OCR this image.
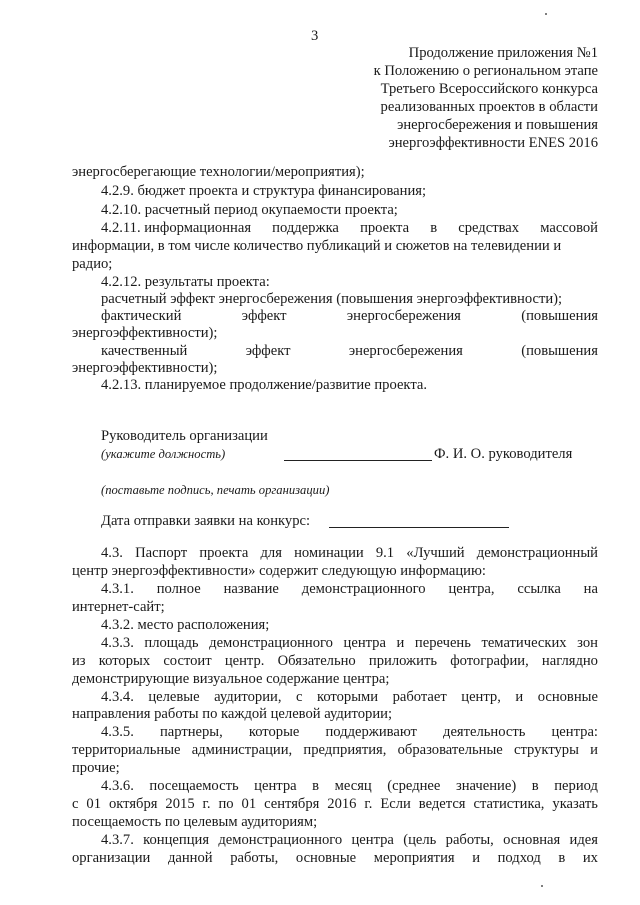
3
Продолжение приложения №1
к Положению о региональном этапе
Третьего Всероссийского конкурса
реализованных проектов в области
энергосбережения и повышения
энергоэффективности ENES 2016
энергосберегающие технологии/мероприятия);
4.2.9. бюджет проекта и структура финансирования;
4.2.10. расчетный период окупаемости проекта;
4.2.11. информационная поддержка проекта в средствах массовой
информации, в том числе количество публикаций и сюжетов на телевидении и
радио;
4.2.12. результаты проекта:
расчетный эффект энергосбережения (повышения энергоэффективности);
фактический	эффект	энергосбережения	(повышения
энергоэффективности);
качественный	эффект	энергосбережения	(повышения
энергоэффективности);
4.2.13. планируемое продолжение/развитие проекта.
Руководитель организации
(укажите должность)	Ф. И. О. руководителя
(поставьте подпись, печать организации)
Дата отправки заявки на конкурс:
4.3. Паспорт проекта для номинации 9.1 «Лучший демонстрационный
центр энергоэффективности» содержит следующую информацию:
4.3.1. полное название демонстрационного центра, ссылка на
интернет-сайт;
4.3.2. место расположения;
4.3.3. площадь демонстрационного центра и перечень тематических зон
из которых состоит центр. Обязательно приложить фотографии, наглядно
демонстрирующие визуальное содержание центра;
4.3.4. целевые аудитории, с которыми работает центр, и основные
направления работы по каждой целевой аудитории;
4.3.5. партнеры, которые поддерживают деятельность центра:
территориальные администрации, предприятия, образовательные структуры и
прочие;
4.3.6. посещаемость центра в месяц (среднее значение) в период
с 01 октября 2015 г. по 01 сентября 2016 г. Если ведется статистика, указать
посещаемость по целевым аудиториям;
4.3.7. концепция демонстрационного центра (цель работы, основная идея
организации данной работы, основные мероприятия и подход в их
